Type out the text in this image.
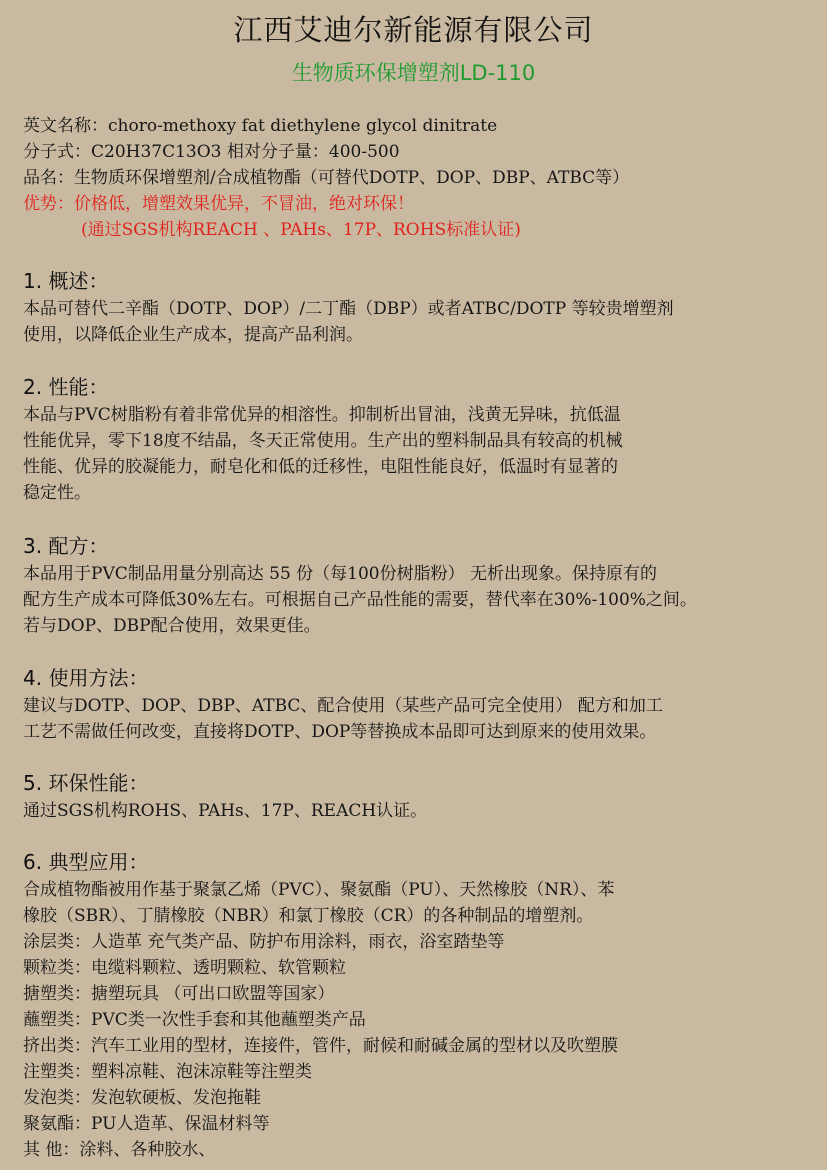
江西艾迪尔新能源有限公司
生物质环保增塑剂LD-110

英文名称：choro-methoxy fat diethylene glycol dinitrate

分子式：C20H37C13O3 相对分子量：400-500

品名：生物质环保增塑剂/合成植物酯（可替代DOTP、DOP、DBP、ATBC等）

优势：价格低，增塑效果优异，不冒油，绝对环保！

(通过SGS机构REACH 、PAHs、17P、ROHS标准认证)

1. 概述：

本品可替代二辛酯（DOTP、DOP）/二丁酯（DBP）或者ATBC/DOTP 等较贵增塑剂

使用，以降低企业生产成本，提高产品利润。

2. 性能：

本品与PVC树脂粉有着非常优异的相溶性。抑制析出冒油，浅黄无异味，抗低温

性能优异，零下18度不结晶，冬天正常使用。生产出的塑料制品具有较高的机械

性能、优异的胶凝能力，耐皂化和低的迁移性，电阻性能良好，低温时有显著的

稳定性。

3. 配方：

本品用于PVC制品用量分别高达 55 份（每100份树脂粉） 无析出现象。保持原有的

配方生产成本可降低30%左右。可根据自己产品性能的需要，替代率在30%-100%之间。

若与DOP、DBP配合使用，效果更佳。

4. 使用方法：

建议与DOTP、DOP、DBP、ATBC、配合使用（某些产品可完全使用） 配方和加工

工艺不需做任何改变，直接将DOTP、DOP等替换成本品即可达到原来的使用效果。

5. 环保性能：

通过SGS机构ROHS、PAHs、17P、REACH认证。

6. 典型应用：

合成植物酯被用作基于聚氯乙烯（PVC）、聚氨酯（PU）、天然橡胶（NR）、苯

橡胶（SBR）、丁腈橡胶（NBR）和氯丁橡胶（CR）的各种制品的增塑剂。

涂层类：人造革 充气类产品、防护布用涂料，雨衣，浴室踏垫等

颗粒类：电缆料颗粒、透明颗粒、软管颗粒

搪塑类：搪塑玩具 （可出口欧盟等国家）

蘸塑类：PVC类一次性手套和其他蘸塑类产品

挤出类：汽车工业用的型材，连接件，管件，耐候和耐碱金属的型材以及吹塑膜

注塑类：塑料凉鞋、泡沫凉鞋等注塑类

发泡类：发泡软硬板、发泡拖鞋

聚氨酯：PU人造革、保温材料等

其 他：涂料、各种胶水、
